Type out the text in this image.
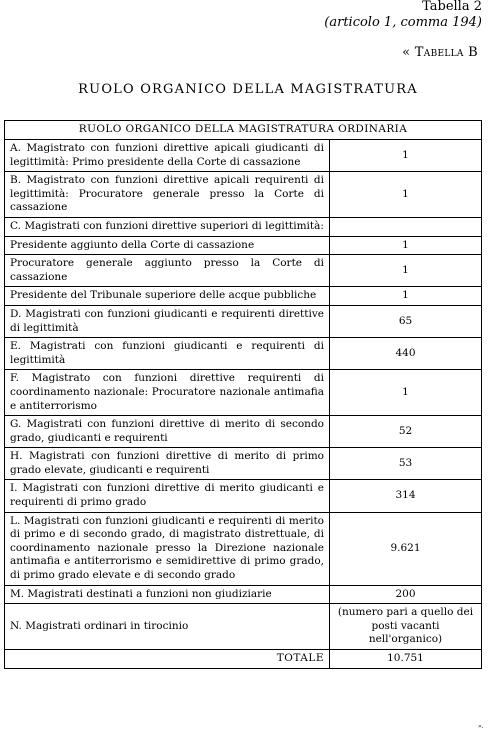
Tabella 2
(articolo 1, comma 194)
« Tabella B
RUOLO ORGANICO DELLA MAGISTRATURA
RUOLO ORGANICO DELLA MAGISTRATURA ORDINARIA	
A. Magistrato con funzioni direttive apicali giudicanti di legittimità: Primo presidente della Corte di cassazione	1
B. Magistrato con funzioni direttive apicali requirenti di legittimità: Procuratore generale presso la Corte di cassazione	1
C. Magistrati con funzioni direttive superiori di legittimità:	
Presidente aggiunto della Corte di cassazione	1
Procuratore generale aggiunto presso la Corte di cassazione	1
Presidente del Tribunale superiore delle acque pubbliche	1
D. Magistrati con funzioni giudicanti e requirenti direttive di legittimità	65
E. Magistrati con funzioni giudicanti e requirenti di legittimità	440
F. Magistrato con funzioni direttive requirenti di coordinamento nazionale: Procuratore nazionale antimafia e antiterrorismo	1
G. Magistrati con funzioni direttive di merito di secondo grado, giudicanti e requirenti	52
H. Magistrati con funzioni direttive di merito di primo grado elevate, giudicanti e requirenti	53
I. Magistrati con funzioni direttive di merito giudicanti e requirenti di primo grado	314
L. Magistrati con funzioni giudicanti e requirenti di merito di primo e di secondo grado, di magistrato distrettuale, di coordinamento nazionale presso la Direzione nazionale antimafia e antiterrorismo e semidirettive di primo grado, di primo grado elevate e di secondo grado	9.621
M. Magistrati destinati a funzioni non giudiziarie	200
N. Magistrati ordinari in tirocinio	(numero pari a quello dei posti vacanti nell'organico)
TOTALE	10.751
».
